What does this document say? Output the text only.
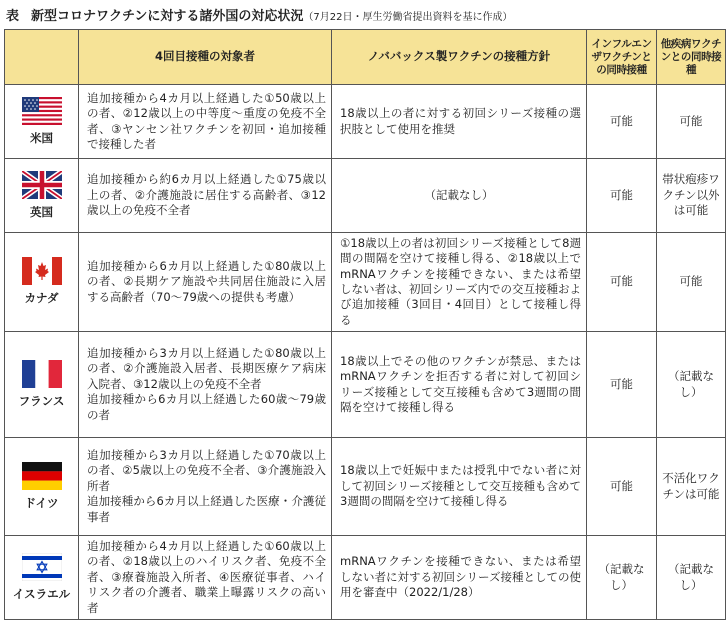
表 新型コロナワクチンに対する諸外国の対応状況（7月22日・厚生労働省提出資料を基に作成）
	4回目接種の対象者	ノババックス製ワクチンの接種方針	インフルエンザワクチンとの同時接種	他疾病ワクチンとの同時接種

米国	追加接種から4カ月以上経過した①50歳以上の者、②12歳以上の中等度〜重度の免疫不全者、③ヤンセン社ワクチンを初回・追加接種で接種した者	18歳以上の者に対する初回シリーズ接種の選択肢として使用を推奨	可能	可能

英国	追加接種から約6カ月以上経過した①75歳以上の者、②介護施設に居住する高齢者、③12歳以上の免疫不全者	（記載なし）	可能	帯状疱疹ワクチン以外は可能

カナダ	追加接種から6カ月以上経過した①80歳以上の者、②長期ケア施設や共同居住施設に入居する高齢者（70〜79歳への提供も考慮）	①18歳以上の者は初回シリーズ接種として8週間の間隔を空けて接種し得る、②18歳以上でmRNAワクチンを接種できない、または希望しない者は、初回シリーズ内での交互接種および追加接種（3回目・4回目）として接種し得る	可能	可能

フランス	追加接種から3カ月以上経過した①80歳以上の者、②介護施設入居者、長期医療ケア病床入院者、③12歳以上の免疫不全者
追加接種から6カ月以上経過した60歳〜79歳の者	18歳以上でその他のワクチンが禁忌、またはmRNAワクチンを拒否する者に対して初回シリーズ接種として交互接種も含めて3週間の間隔を空けて接種し得る	可能	（記載なし）

ドイツ	追加接種から3カ月以上経過した①70歳以上の者、②5歳以上の免疫不全者、③介護施設入所者
追加接種から6カ月以上経過した医療・介護従事者	18歳以上で妊娠中または授乳中でない者に対して初回シリーズ接種として交互接種も含めて3週間の間隔を空けて接種し得る	可能	不活化ワクチンは可能

イスラエル	追加接種から4カ月以上経過した①60歳以上の者、②18歳以上のハイリスク者、免疫不全者、③療養施設入所者、④医療従事者、ハイリスク者の介護者、職業上曝露リスクの高い者	mRNAワクチンを接種できない、または希望しない者に対する初回シリーズ接種としての使用を審査中（2022/1/28）	（記載なし）	（記載なし）
